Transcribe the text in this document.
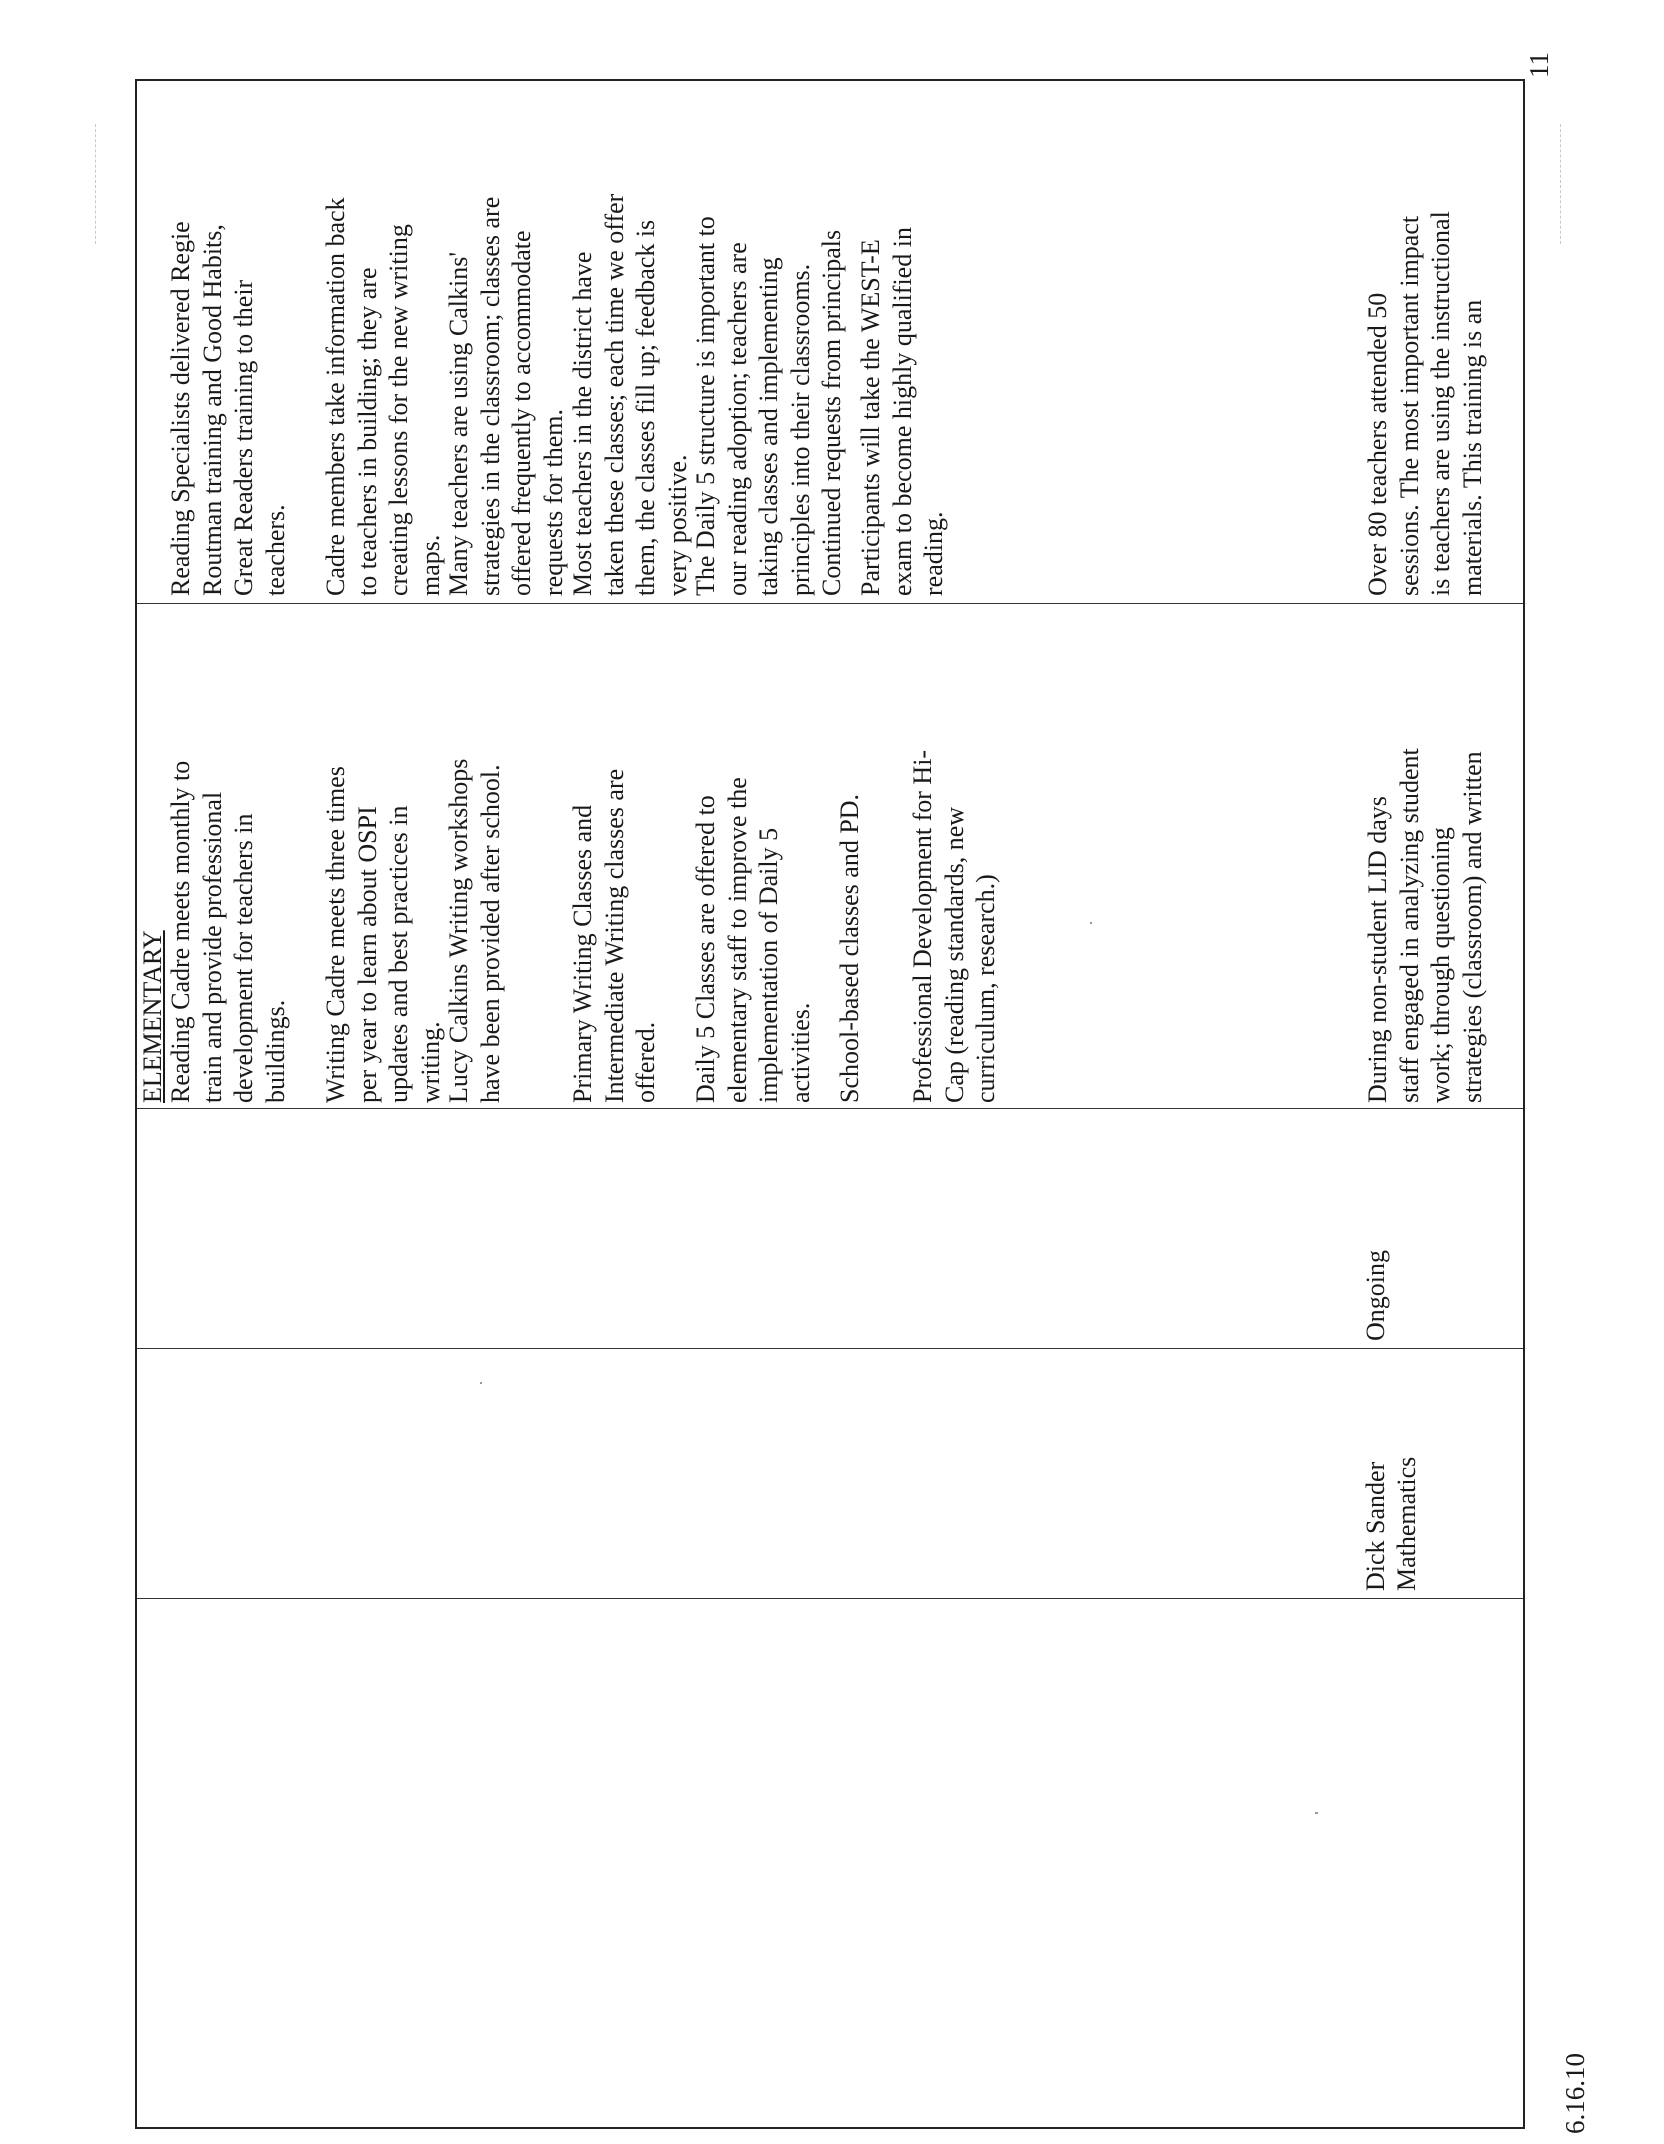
6.16.10
11
Dick Sander Mathematics
Ongoing
ELEMENTARY Reading Cadre meets monthly to train and provide professional development for teachers in buildings. Writing Cadre meets three times per year to learn about OSPI updates and best practices in writing. Lucy Calkins Writing workshops have been provided after school. Primary Writing Classes and Intermediate Writing classes are offered. Daily 5 Classes are offered to elementary staff to improve the implementation of Daily 5 activities. School-based classes and PD. Professional Development for Hi- Cap (reading standards, new curriculum, research.)	During non-student LID days staff engaged in analyzing student work; through questioning strategies (classroom) and written
Reading Specialists delivered Regie Routman training and Good Habits, Great Readers training to their teachers. Cadre members take information back to teachers in building; they are creating lessons for the new writing maps. Many teachers are using Calkins' strategies in the classroom; classes are offered frequently to accommodate requests for them. Most teachers in the district have taken these classes; each time we offer them, the classes fill up; feedback is very positive. The Daily 5 structure is important to our reading adoption; teachers are taking classes and implementing principles into their classrooms. Continued requests from principals Participants will take the WEST-E exam to become highly qualified in reading.	Over 80 teachers attended 50 sessions. The most important impact is teachers are using the instructional materials. This training is an
